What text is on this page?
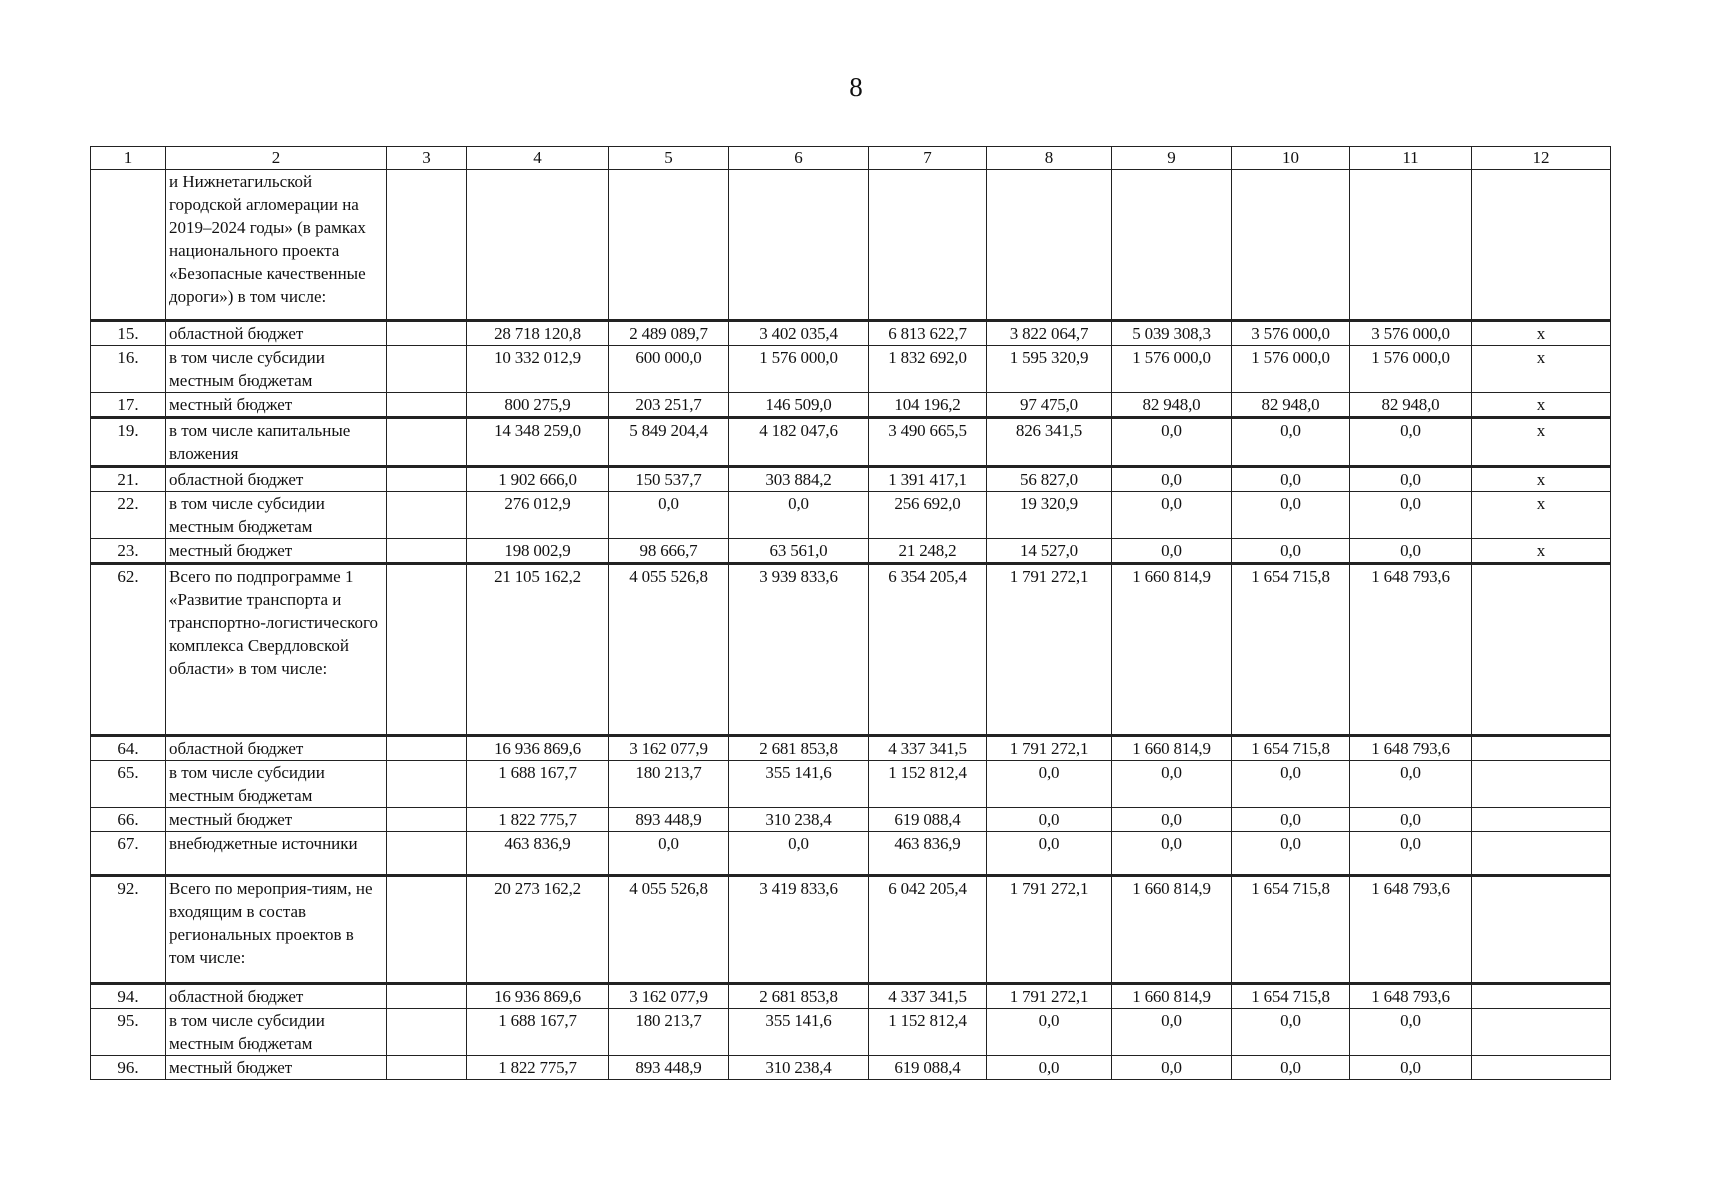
8
1	2	3	4	5	6	7	8	9	10	11	12
	и Нижнетагильской городской агломерации на 2019–2024 годы» (в рамках национального проекта «Безопасные качественные дороги») в том числе:										
15.	областной бюджет		28 718 120,8	2 489 089,7	3 402 035,4	6 813 622,7	3 822 064,7	5 039 308,3	3 576 000,0	3 576 000,0	х
16.	в том числе субсидии местным бюджетам		10 332 012,9	600 000,0	1 576 000,0	1 832 692,0	1 595 320,9	1 576 000,0	1 576 000,0	1 576 000,0	х
17.	местный бюджет		800 275,9	203 251,7	146 509,0	104 196,2	97 475,0	82 948,0	82 948,0	82 948,0	х
19.	в том числе капитальные вложения		14 348 259,0	5 849 204,4	4 182 047,6	3 490 665,5	826 341,5	0,0	0,0	0,0	х
21.	областной бюджет		1 902 666,0	150 537,7	303 884,2	1 391 417,1	56 827,0	0,0	0,0	0,0	х
22.	в том числе субсидии местным бюджетам		276 012,9	0,0	0,0	256 692,0	19 320,9	0,0	0,0	0,0	х
23.	местный бюджет		198 002,9	98 666,7	63 561,0	21 248,2	14 527,0	0,0	0,0	0,0	х
62.	Всего по подпрограмме 1 «Развитие транспорта и транспортно-логистического комплекса Свердловской области» в том числе:		21 105 162,2	4 055 526,8	3 939 833,6	6 354 205,4	1 791 272,1	1 660 814,9	1 654 715,8	1 648 793,6	
64.	областной бюджет		16 936 869,6	3 162 077,9	2 681 853,8	4 337 341,5	1 791 272,1	1 660 814,9	1 654 715,8	1 648 793,6	
65.	в том числе субсидии местным бюджетам		1 688 167,7	180 213,7	355 141,6	1 152 812,4	0,0	0,0	0,0	0,0	
66.	местный бюджет		1 822 775,7	893 448,9	310 238,4	619 088,4	0,0	0,0	0,0	0,0	
67.	внебюджетные источники		463 836,9	0,0	0,0	463 836,9	0,0	0,0	0,0	0,0	
92.	Всего по мероприя-тиям, не входящим в состав региональных проектов в том числе:		20 273 162,2	4 055 526,8	3 419 833,6	6 042 205,4	1 791 272,1	1 660 814,9	1 654 715,8	1 648 793,6	
94.	областной бюджет		16 936 869,6	3 162 077,9	2 681 853,8	4 337 341,5	1 791 272,1	1 660 814,9	1 654 715,8	1 648 793,6	
95.	в том числе субсидии местным бюджетам		1 688 167,7	180 213,7	355 141,6	1 152 812,4	0,0	0,0	0,0	0,0	
96.	местный бюджет		1 822 775,7	893 448,9	310 238,4	619 088,4	0,0	0,0	0,0	0,0	
